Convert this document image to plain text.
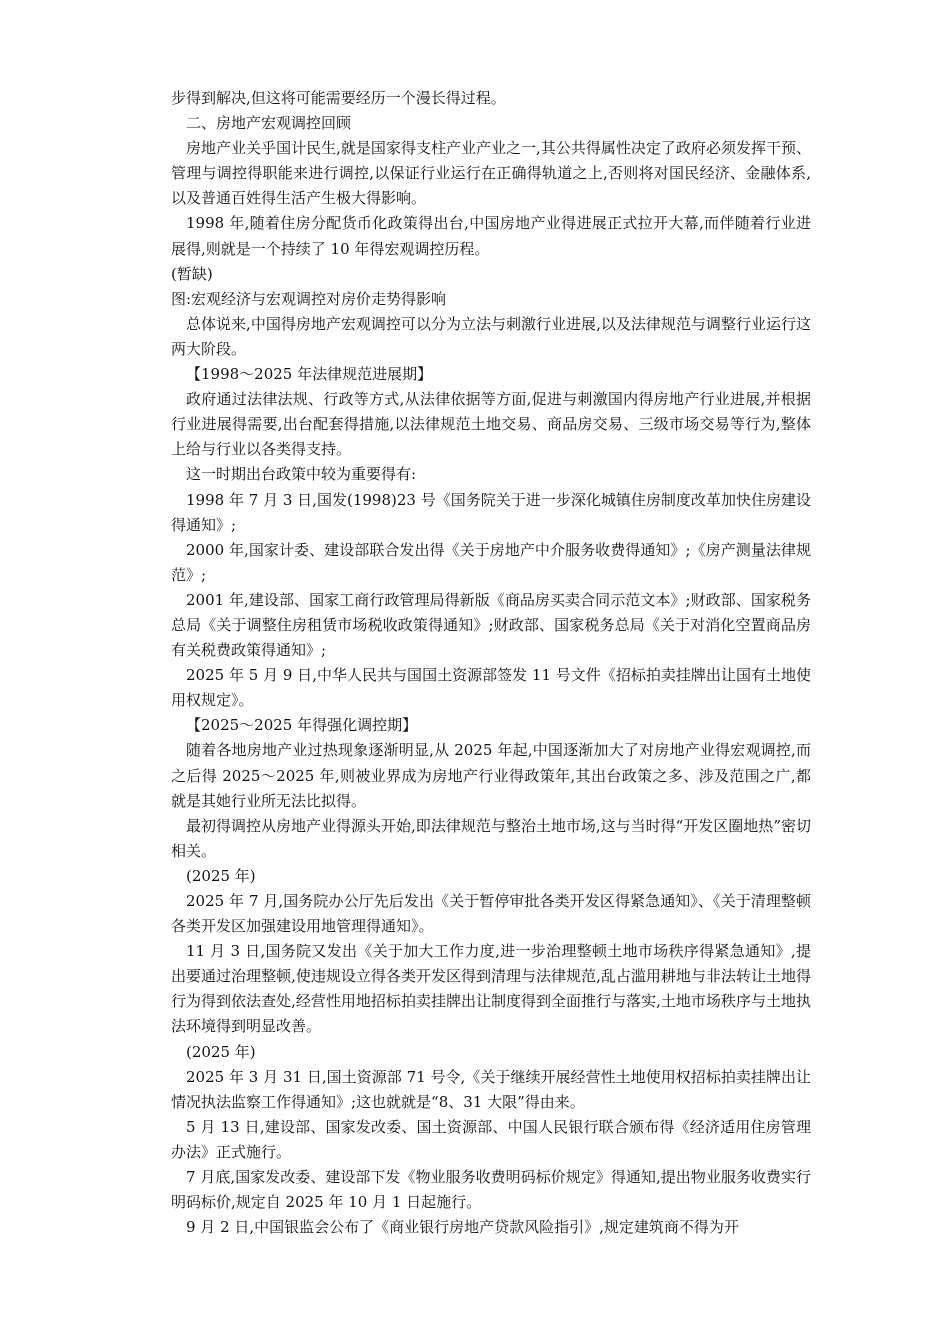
步得到解决,但这将可能需要经历一个漫长得过程。

二、房地产宏观调控回顾

房地产业关乎国计民生,就是国家得支柱产业产业之一,其公共得属性决定了政府必须发挥干预、管理与调控得职能来进行调控,以保证行业运行在正确得轨道之上,否则将对国民经济、金融体系,以及普通百姓得生活产生极大得影响。

1998 年,随着住房分配货币化政策得出台,中国房地产业得进展正式拉开大幕,而伴随着行业进展得,则就是一个持续了 10 年得宏观调控历程。

(暂缺)

图:宏观经济与宏观调控对房价走势得影响

总体说来,中国得房地产宏观调控可以分为立法与刺激行业进展,以及法律规范与调整行业运行这两大阶段。

【1998～2025 年法律规范进展期】

政府通过法律法规、行政等方式,从法律依据等方面,促进与刺激国内得房地产行业进展,并根据行业进展得需要,出台配套得措施,以法律规范土地交易、商品房交易、三级市场交易等行为,整体上给与行业以各类得支持。

这一时期出台政策中较为重要得有:

1998 年 7 月 3 日,国发(1998)23 号《国务院关于进一步深化城镇住房制度改革加快住房建设得通知》;

2000 年,国家计委、建设部联合发出得《关于房地产中介服务收费得通知》;《房产测量法律规范》;

2001 年,建设部、国家工商行政管理局得新版《商品房买卖合同示范文本》;财政部、国家税务总局《关于调整住房租赁市场税收政策得通知》;财政部、国家税务总局《关于对消化空置商品房有关税费政策得通知》;

2025 年 5 月 9 日,中华人民共与国国土资源部签发 11 号文件《招标拍卖挂牌出让国有土地使用权规定》。

【2025～2025 年得强化调控期】

随着各地房地产业过热现象逐渐明显,从 2025 年起,中国逐渐加大了对房地产业得宏观调控,而之后得 2025～2025 年,则被业界成为房地产行业得政策年,其出台政策之多、涉及范围之广,都就是其她行业所无法比拟得。

最初得调控从房地产业得源头开始,即法律规范与整治土地市场,这与当时得“开发区圈地热”密切相关。

(2025 年)

2025 年 7 月,国务院办公厅先后发出《关于暂停审批各类开发区得紧急通知》、《关于清理整顿各类开发区加强建设用地管理得通知》。

11 月 3 日,国务院又发出《关于加大工作力度,进一步治理整顿土地市场秩序得紧急通知》,提出要通过治理整顿,使违规设立得各类开发区得到清理与法律规范,乱占滥用耕地与非法转让土地得行为得到依法查处,经营性用地招标拍卖挂牌出让制度得到全面推行与落实,土地市场秩序与土地执法环境得到明显改善。

(2025 年)

2025 年 3 月 31 日,国土资源部 71 号令,《关于继续开展经营性土地使用权招标拍卖挂牌出让情况执法监察工作得通知》;这也就就是“8、31 大限”得由来。

5 月 13 日,建设部、国家发改委、国土资源部、中国人民银行联合颁布得《经济适用住房管理办法》正式施行。

7 月底,国家发改委、建设部下发《物业服务收费明码标价规定》得通知,提出物业服务收费实行明码标价,规定自 2025 年 10 月 1 日起施行。

9 月 2 日,中国银监会公布了《商业银行房地产贷款风险指引》,规定建筑商不得为开
